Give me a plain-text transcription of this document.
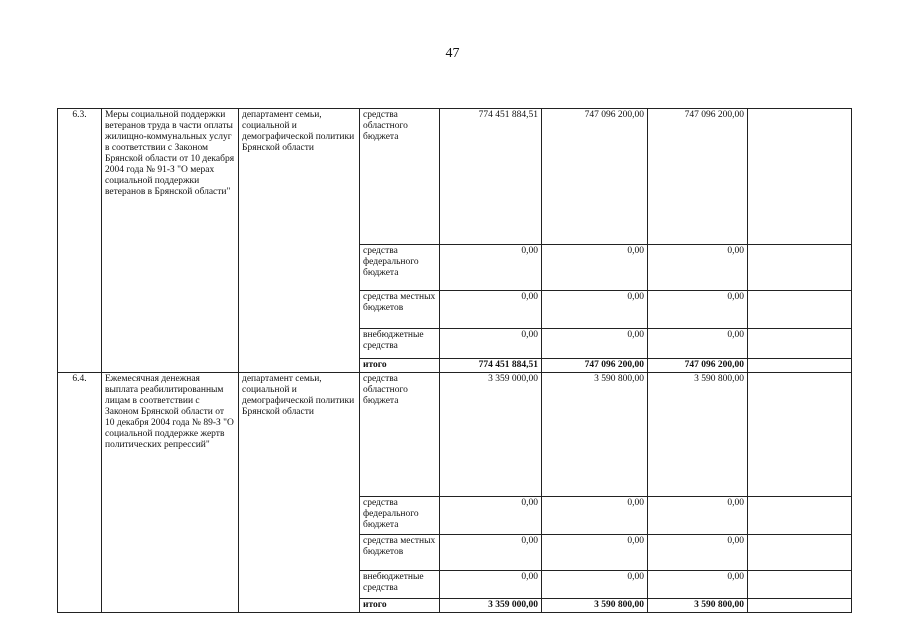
47
6.3.	Меры социальной поддержки ветеранов труда в части оплаты жилищно-коммунальных услуг в соответствии с Законом Брянской области от 10 декабря 2004 года № 91-З "О мерах социальной поддержки ветеранов в Брянской области"	департамент семьи, социальной и демографической политики Брянской области	средства областного бюджета	774 451 884,51	747 096 200,00	747 096 200,00	
			средства федерального бюджета	0,00	0,00	0,00	
			средства местных бюджетов	0,00	0,00	0,00	
			внебюджетные средства	0,00	0,00	0,00	
			итого	774 451 884,51	747 096 200,00	747 096 200,00	
6.4.	Ежемесячная денежная выплата реабилитированным лицам в соответствии с Законом Брянской области от 10 декабря 2004 года № 89-З "О социальной поддержке жертв политических репрессий"	департамент семьи, социальной и демографической политики Брянской области	средства областного бюджета	3 359 000,00	3 590 800,00	3 590 800,00	
			средства федерального бюджета	0,00	0,00	0,00	
			средства местных бюджетов	0,00	0,00	0,00	
			внебюджетные средства	0,00	0,00	0,00	
			итого	3 359 000,00	3 590 800,00	3 590 800,00	
